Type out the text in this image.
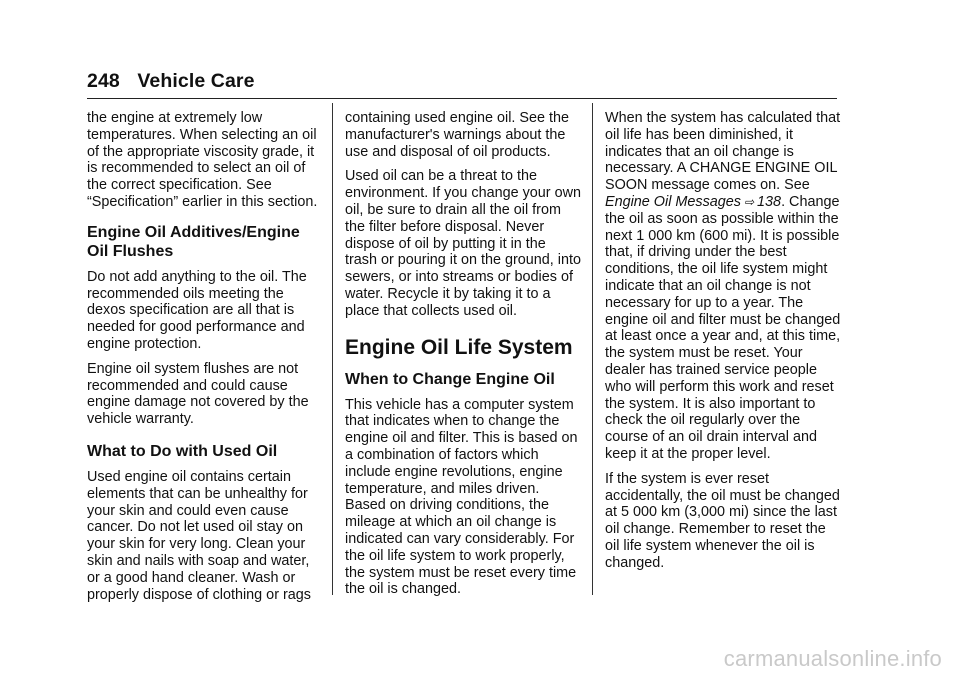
248 Vehicle Care

the engine at extremely low temperatures. When selecting an oil of the appropriate viscosity grade, it is recommended to select an oil of the correct specification. See “Specification” earlier in this section.

Engine Oil Additives/Engine Oil Flushes

Do not add anything to the oil. The recommended oils meeting the dexos specification are all that is needed for good performance and engine protection.

Engine oil system flushes are not recommended and could cause engine damage not covered by the vehicle warranty.

What to Do with Used Oil

Used engine oil contains certain elements that can be unhealthy for your skin and could even cause cancer. Do not let used oil stay on your skin for very long. Clean your skin and nails with soap and water, or a good hand cleaner. Wash or properly dispose of clothing or rags

containing used engine oil. See the manufacturer's warnings about the use and disposal of oil products.

Used oil can be a threat to the environment. If you change your own oil, be sure to drain all the oil from the filter before disposal. Never dispose of oil by putting it in the trash or pouring it on the ground, into sewers, or into streams or bodies of water. Recycle it by taking it to a place that collects used oil.

Engine Oil Life System
When to Change Engine Oil

This vehicle has a computer system that indicates when to change the engine oil and filter. This is based on a combination of factors which include engine revolutions, engine temperature, and miles driven. Based on driving conditions, the mileage at which an oil change is indicated can vary considerably. For the oil life system to work properly, the system must be reset every time the oil is changed.

When the system has calculated that oil life has been diminished, it indicates that an oil change is necessary. A CHANGE ENGINE OIL SOON message comes on. See Engine Oil Messages ⇨ 138. Change the oil as soon as possible within the next 1 000 km (600 mi). It is possible that, if driving under the best conditions, the oil life system might indicate that an oil change is not necessary for up to a year. The engine oil and filter must be changed at least once a year and, at this time, the system must be reset. Your dealer has trained service people who will perform this work and reset the system. It is also important to check the oil regularly over the course of an oil drain interval and keep it at the proper level.

If the system is ever reset accidentally, the oil must be changed at 5 000 km (3,000 mi) since the last oil change. Remember to reset the oil life system whenever the oil is changed.

carmanualsonline.info
